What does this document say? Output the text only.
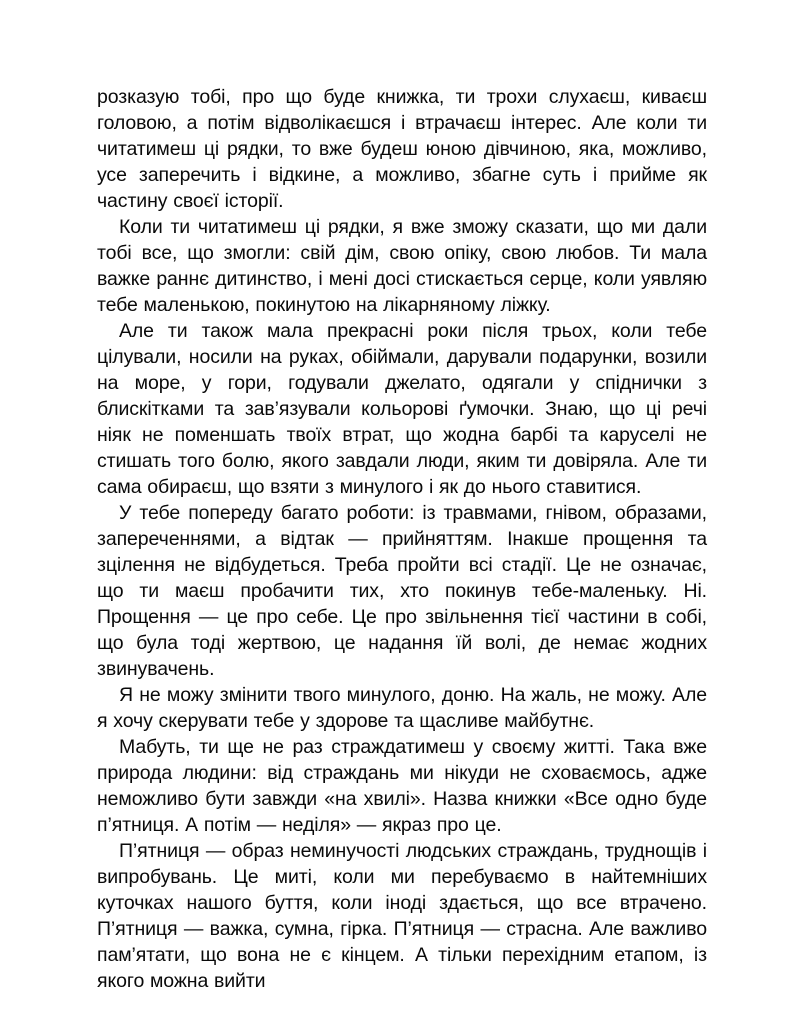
розказую тобі, про що буде книжка, ти трохи слухаєш, киваєш головою, а потім відволікаєшся і втрачаєш інтерес. Але коли ти читатимеш ці рядки, то вже будеш юною дівчиною, яка, можливо, усе заперечить і відкине, а можливо, збагне суть і прийме як частину своєї історії.

Коли ти читатимеш ці рядки, я вже зможу сказати, що ми дали тобі все, що змогли: свій дім, свою опіку, свою любов. Ти мала важке раннє дитинство, і мені досі стискається серце, коли уявляю тебе маленькою, покинутою на лікарняному ліжку.

Але ти також мала прекрасні роки після трьох, коли тебе цілували, носили на руках, обіймали, дарували подарунки, возили на море, у гори, годували джелато, одягали у спіднички з блискітками та зав’язували кольорові ґумочки. Знаю, що ці речі ніяк не поменшать твоїх втрат, що жодна барбі та каруселі не стишать того болю, якого завдали люди, яким ти довіряла. Але ти сама обираєш, що взяти з минулого і як до нього ставитися.

У тебе попереду багато роботи: із травмами, гнівом, образами, запереченнями, а відтак — прийняттям. Інакше прощення та зцілення не відбудеться. Треба пройти всі стадії. Це не означає, що ти маєш пробачити тих, хто покинув тебе-маленьку. Ні. Прощення — це про себе. Це про звільнення тієї частини в собі, що була тоді жертвою, це надання їй волі, де немає жодних звинувачень.

Я не можу змінити твого минулого, доню. На жаль, не можу. Але я хочу скерувати тебе у здорове та щасливе майбутнє.

Мабуть, ти ще не раз страждатимеш у своєму житті. Така вже природа людини: від страждань ми нікуди не сховаємось, адже неможливо бути завжди «на хвилі». Назва книжки «Все одно буде п’ятниця. А потім — неділя» — якраз про це.

П’ятниця — образ неминучості людських страждань, труднощів і випробувань. Це миті, коли ми перебуваємо в найтемніших куточках нашого буття, коли іноді здається, що все втрачено. П’ятниця — важка, сумна, гірка. П’ятниця — страсна. Але важливо пам’ятати, що вона не є кінцем. А тільки перехідним етапом, із якого можна вийти
